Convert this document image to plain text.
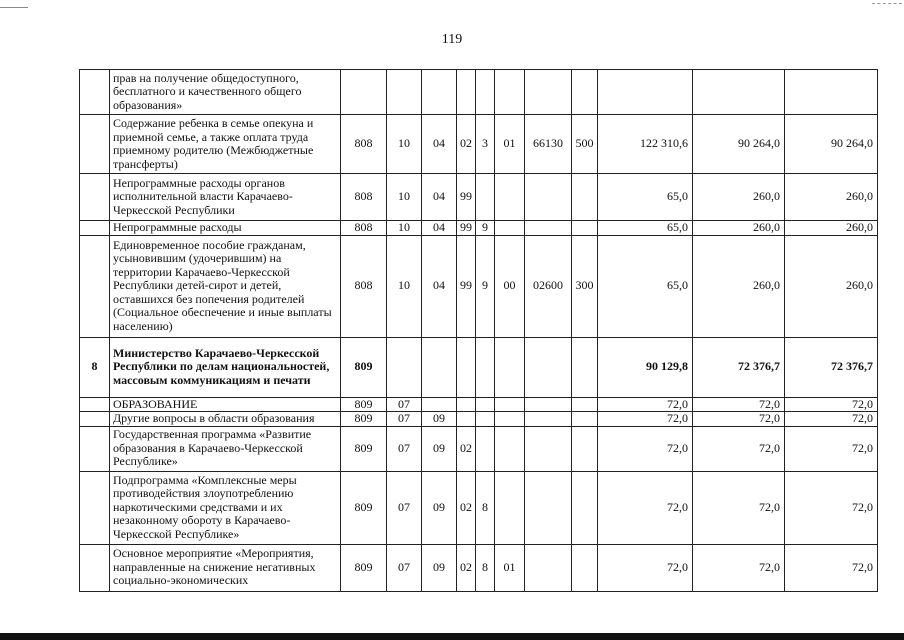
119
	прав на получение общедоступного, бесплатного и качественного общего образования»											
	Содержание ребенка в семье опекуна и приемной семье, а также оплата труда приемному родителю (Межбюджетные трансферты)	808	10	04	02	3	01	66130	500	122 310,6	90 264,0	90 264,0
	Непрограммные расходы органов исполнительной власти Карачаево-Черкесской Республики	808	10	04	99					65,0	260,0	260,0
	Непрограммные расходы	808	10	04	99	9				65,0	260,0	260,0
	Единовременное пособие гражданам, усыновившим (удочерившим) на территории Карачаево-Черкесской Республики детей-сирот и детей, оставшихся без попечения родителей (Социальное обеспечение и иные выплаты населению)	808	10	04	99	9	00	02600	300	65,0	260,0	260,0
8	Министерство Карачаево-Черкесской Республики по делам национальностей, массовым коммуникациям и печати	809								90 129,8	72 376,7	72 376,7
	ОБРАЗОВАНИЕ	809	07							72,0	72,0	72,0
	Другие вопросы в области образования	809	07	09						72,0	72,0	72,0
	Государственная программа «Развитие образования в Карачаево-Черкесской Республике»	809	07	09	02					72,0	72,0	72,0
	Подпрограмма «Комплексные меры противодействия злоупотреблению наркотическими средствами и их незаконному обороту в Карачаево-Черкесской Республике»	809	07	09	02	8				72,0	72,0	72,0
	Основное мероприятие «Мероприятия, направленные на снижение негативных социально-экономических	809	07	09	02	8	01			72,0	72,0	72,0
